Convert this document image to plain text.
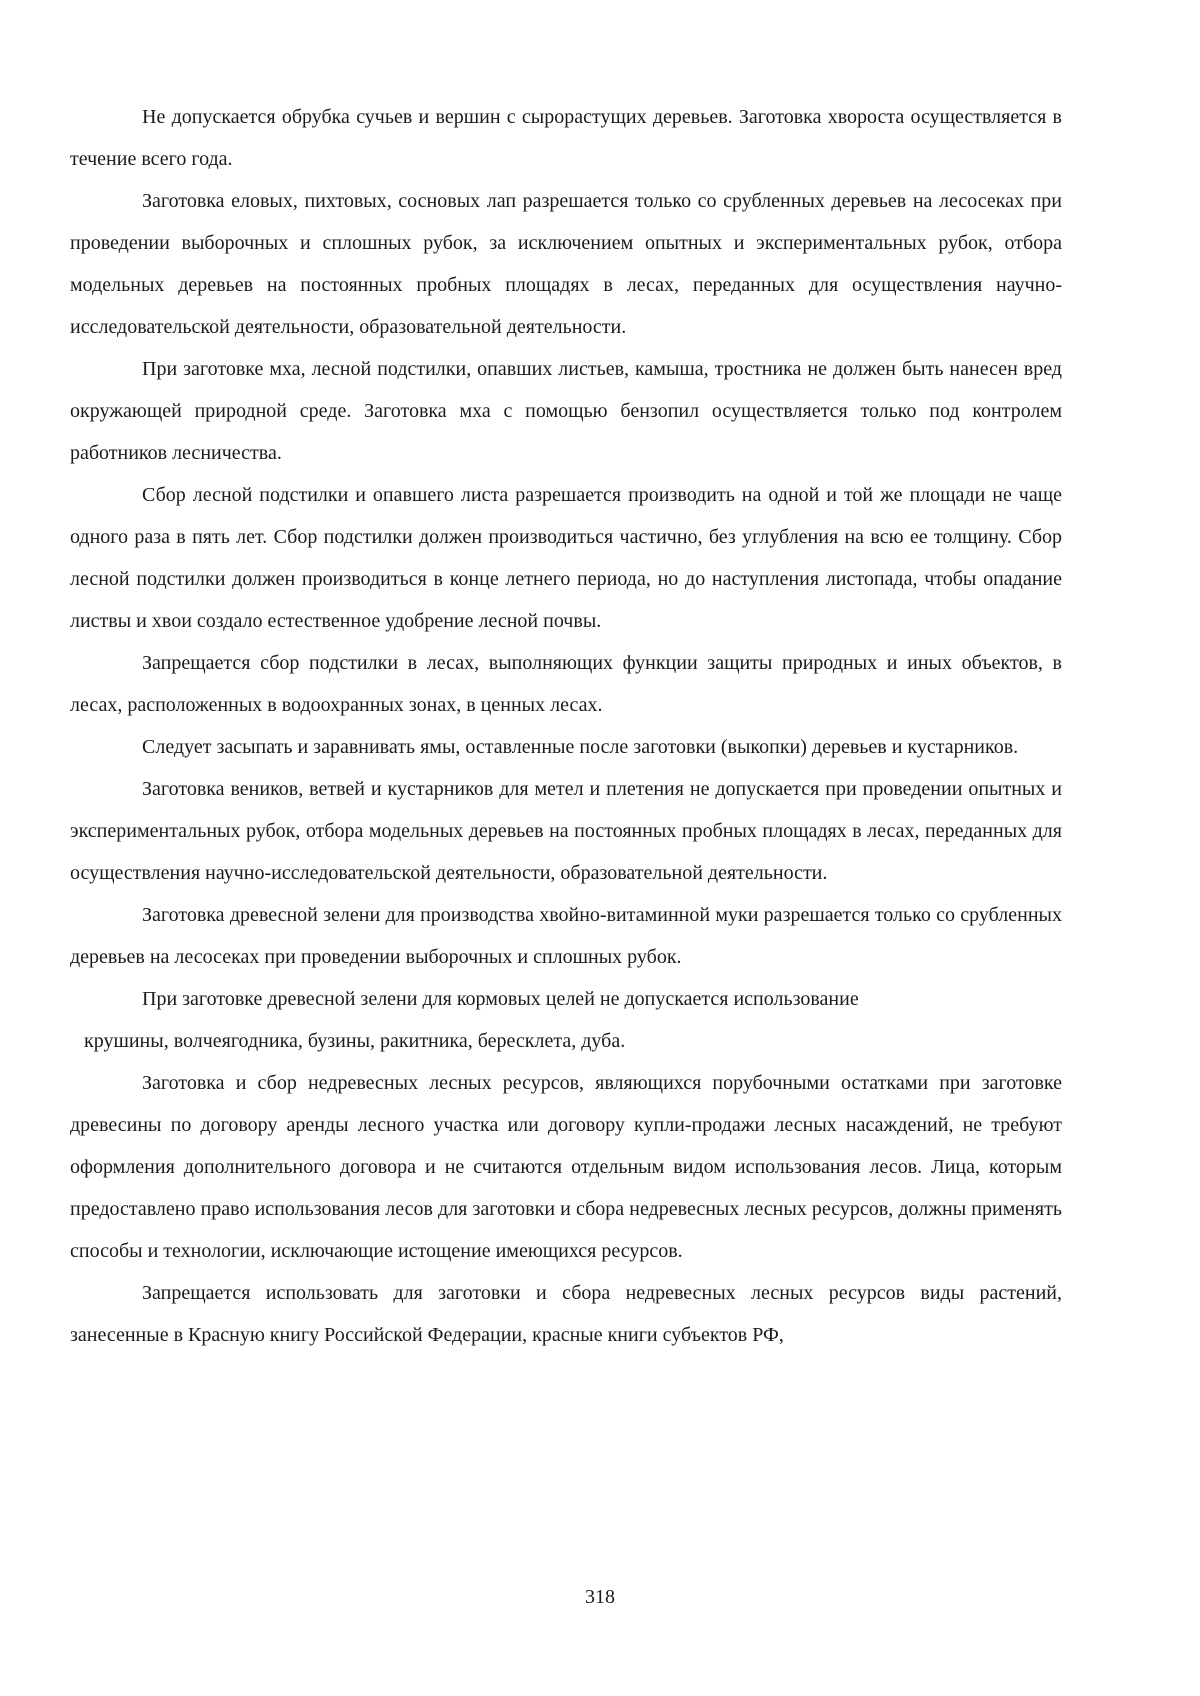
Не допускается обрубка сучьев и вершин с сырорастущих деревьев. Заготовка хвороста осуществляется в течение всего года.

Заготовка еловых, пихтовых, сосновых лап разрешается только со срубленных деревьев на лесосеках при проведении выборочных и сплошных рубок, за исключением опытных и экспериментальных рубок, отбора модельных деревьев на постоянных пробных площадях в лесах, переданных для осуществления научно-исследовательской деятельности, образовательной деятельности.

При заготовке мха, лесной подстилки, опавших листьев, камыша, тростника не должен быть нанесен вред окружающей природной среде. Заготовка мха с помощью бензопил осуществляется только под контролем работников лесничества.

Сбор лесной подстилки и опавшего листа разрешается производить на одной и той же площади не чаще одного раза в пять лет. Сбор подстилки должен производиться частично, без углубления на всю ее толщину. Сбор лесной подстилки должен производиться в конце летнего периода, но до наступления листопада, чтобы опадание листвы и хвои создало естественное удобрение лесной почвы.

Запрещается сбор подстилки в лесах, выполняющих функции защиты природных и иных объектов, в лесах, расположенных в водоохранных зонах, в ценных лесах.

Следует засыпать и заравнивать ямы, оставленные после заготовки (выкопки) деревьев и кустарников.

Заготовка веников, ветвей и кустарников для метел и плетения не допускается при проведении опытных и экспериментальных рубок, отбора модельных деревьев на постоянных пробных площадях в лесах, переданных для осуществления научно-исследовательской деятельности, образовательной деятельности.

Заготовка древесной зелени для производства хвойно-витаминной муки разрешается только со срубленных деревьев на лесосеках при проведении выборочных и сплошных рубок.

При заготовке древесной зелени для кормовых целей не допускается использование
крушины, волчеягодника, бузины, ракитника, бересклета, дуба.

Заготовка и сбор недревесных лесных ресурсов, являющихся порубочными остатками при заготовке древесины по договору аренды лесного участка или договору купли-продажи лесных насаждений, не требуют оформления дополнительного договора и не считаются отдельным видом использования лесов. Лица, которым предоставлено право использования лесов для заготовки и сбора недревесных лесных ресурсов, должны применять способы и технологии, исключающие истощение имеющихся ресурсов.

Запрещается использовать для заготовки и сбора недревесных лесных ресурсов виды растений, занесенные в Красную книгу Российской Федерации, красные книги субъектов РФ,

318
